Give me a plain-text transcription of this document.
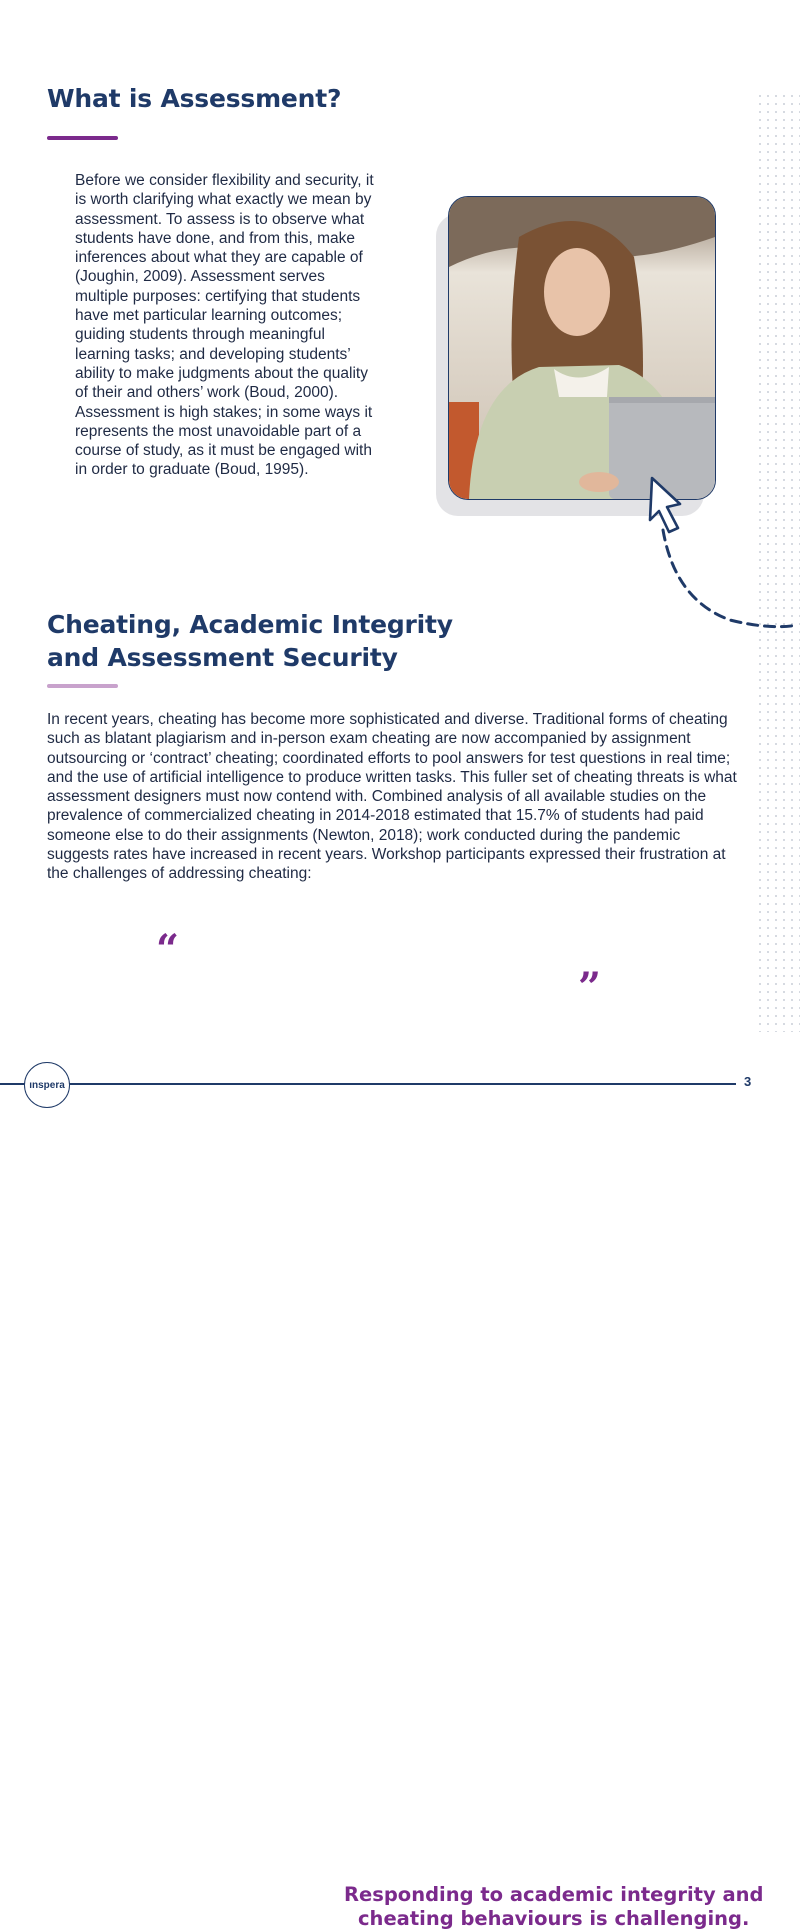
What is Assessment?
Before we consider flexibility and security, it is worth clarifying what exactly we mean by assessment. To assess is to observe what students have done, and from this, make inferences about what they are capable of (Joughin, 2009). Assessment serves multiple purposes: certifying that students have met particular learning outcomes; guiding students through meaningful learning tasks; and developing students’ ability to make judgments about the quality of their and others’ work (Boud, 2000). Assessment is high stakes; in some ways it represents the most unavoidable part of a course of study, as it must be engaged with in order to graduate (Boud, 1995).
Cheating, Academic Integrity
and Assessment Security
In recent years, cheating has become more sophisticated and diverse. Traditional forms of cheating such as blatant plagiarism and in-person exam cheating are now accompanied by assignment outsourcing or ‘contract’ cheating; coordinated efforts to pool answers for test questions in real time; and the use of artificial intelligence to produce written tasks. This fuller set of cheating threats is what assessment designers must now contend with. Combined analysis of all available studies on the prevalence of commercialized cheating in 2014-2018 estimated that 15.7% of students had paid someone else to do their assignments (Newton, 2018); work conducted during the pandemic suggests rates have increased in recent years. Workshop participants expressed their frustration at the challenges of addressing cheating:
“
Responding to academic integrity and
cheating behaviours is challenging.
”
ınspera	3
